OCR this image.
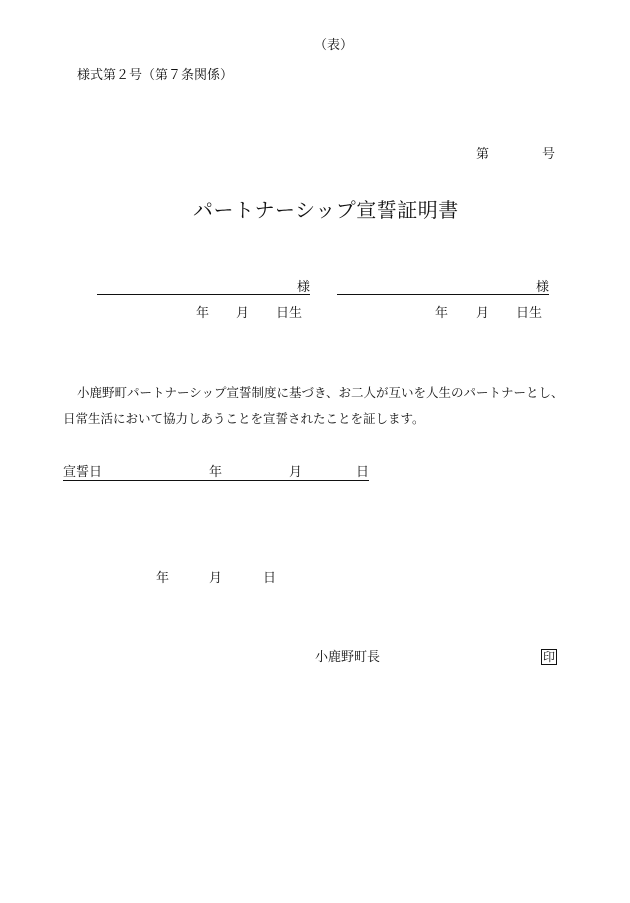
（表）
様式第２号（第７条関係）
第	号
パートナーシップ宣誓証明書
様
年 月 日生
様
年 月 日生
小鹿野町パートナーシップ宣誓制度に基づき、お二人が互いを人生のパートナーとし、
日常生活において協力しあうことを宣誓されたことを証します。
宣誓日	年	月	日
年	月	日
小鹿野町長	印
